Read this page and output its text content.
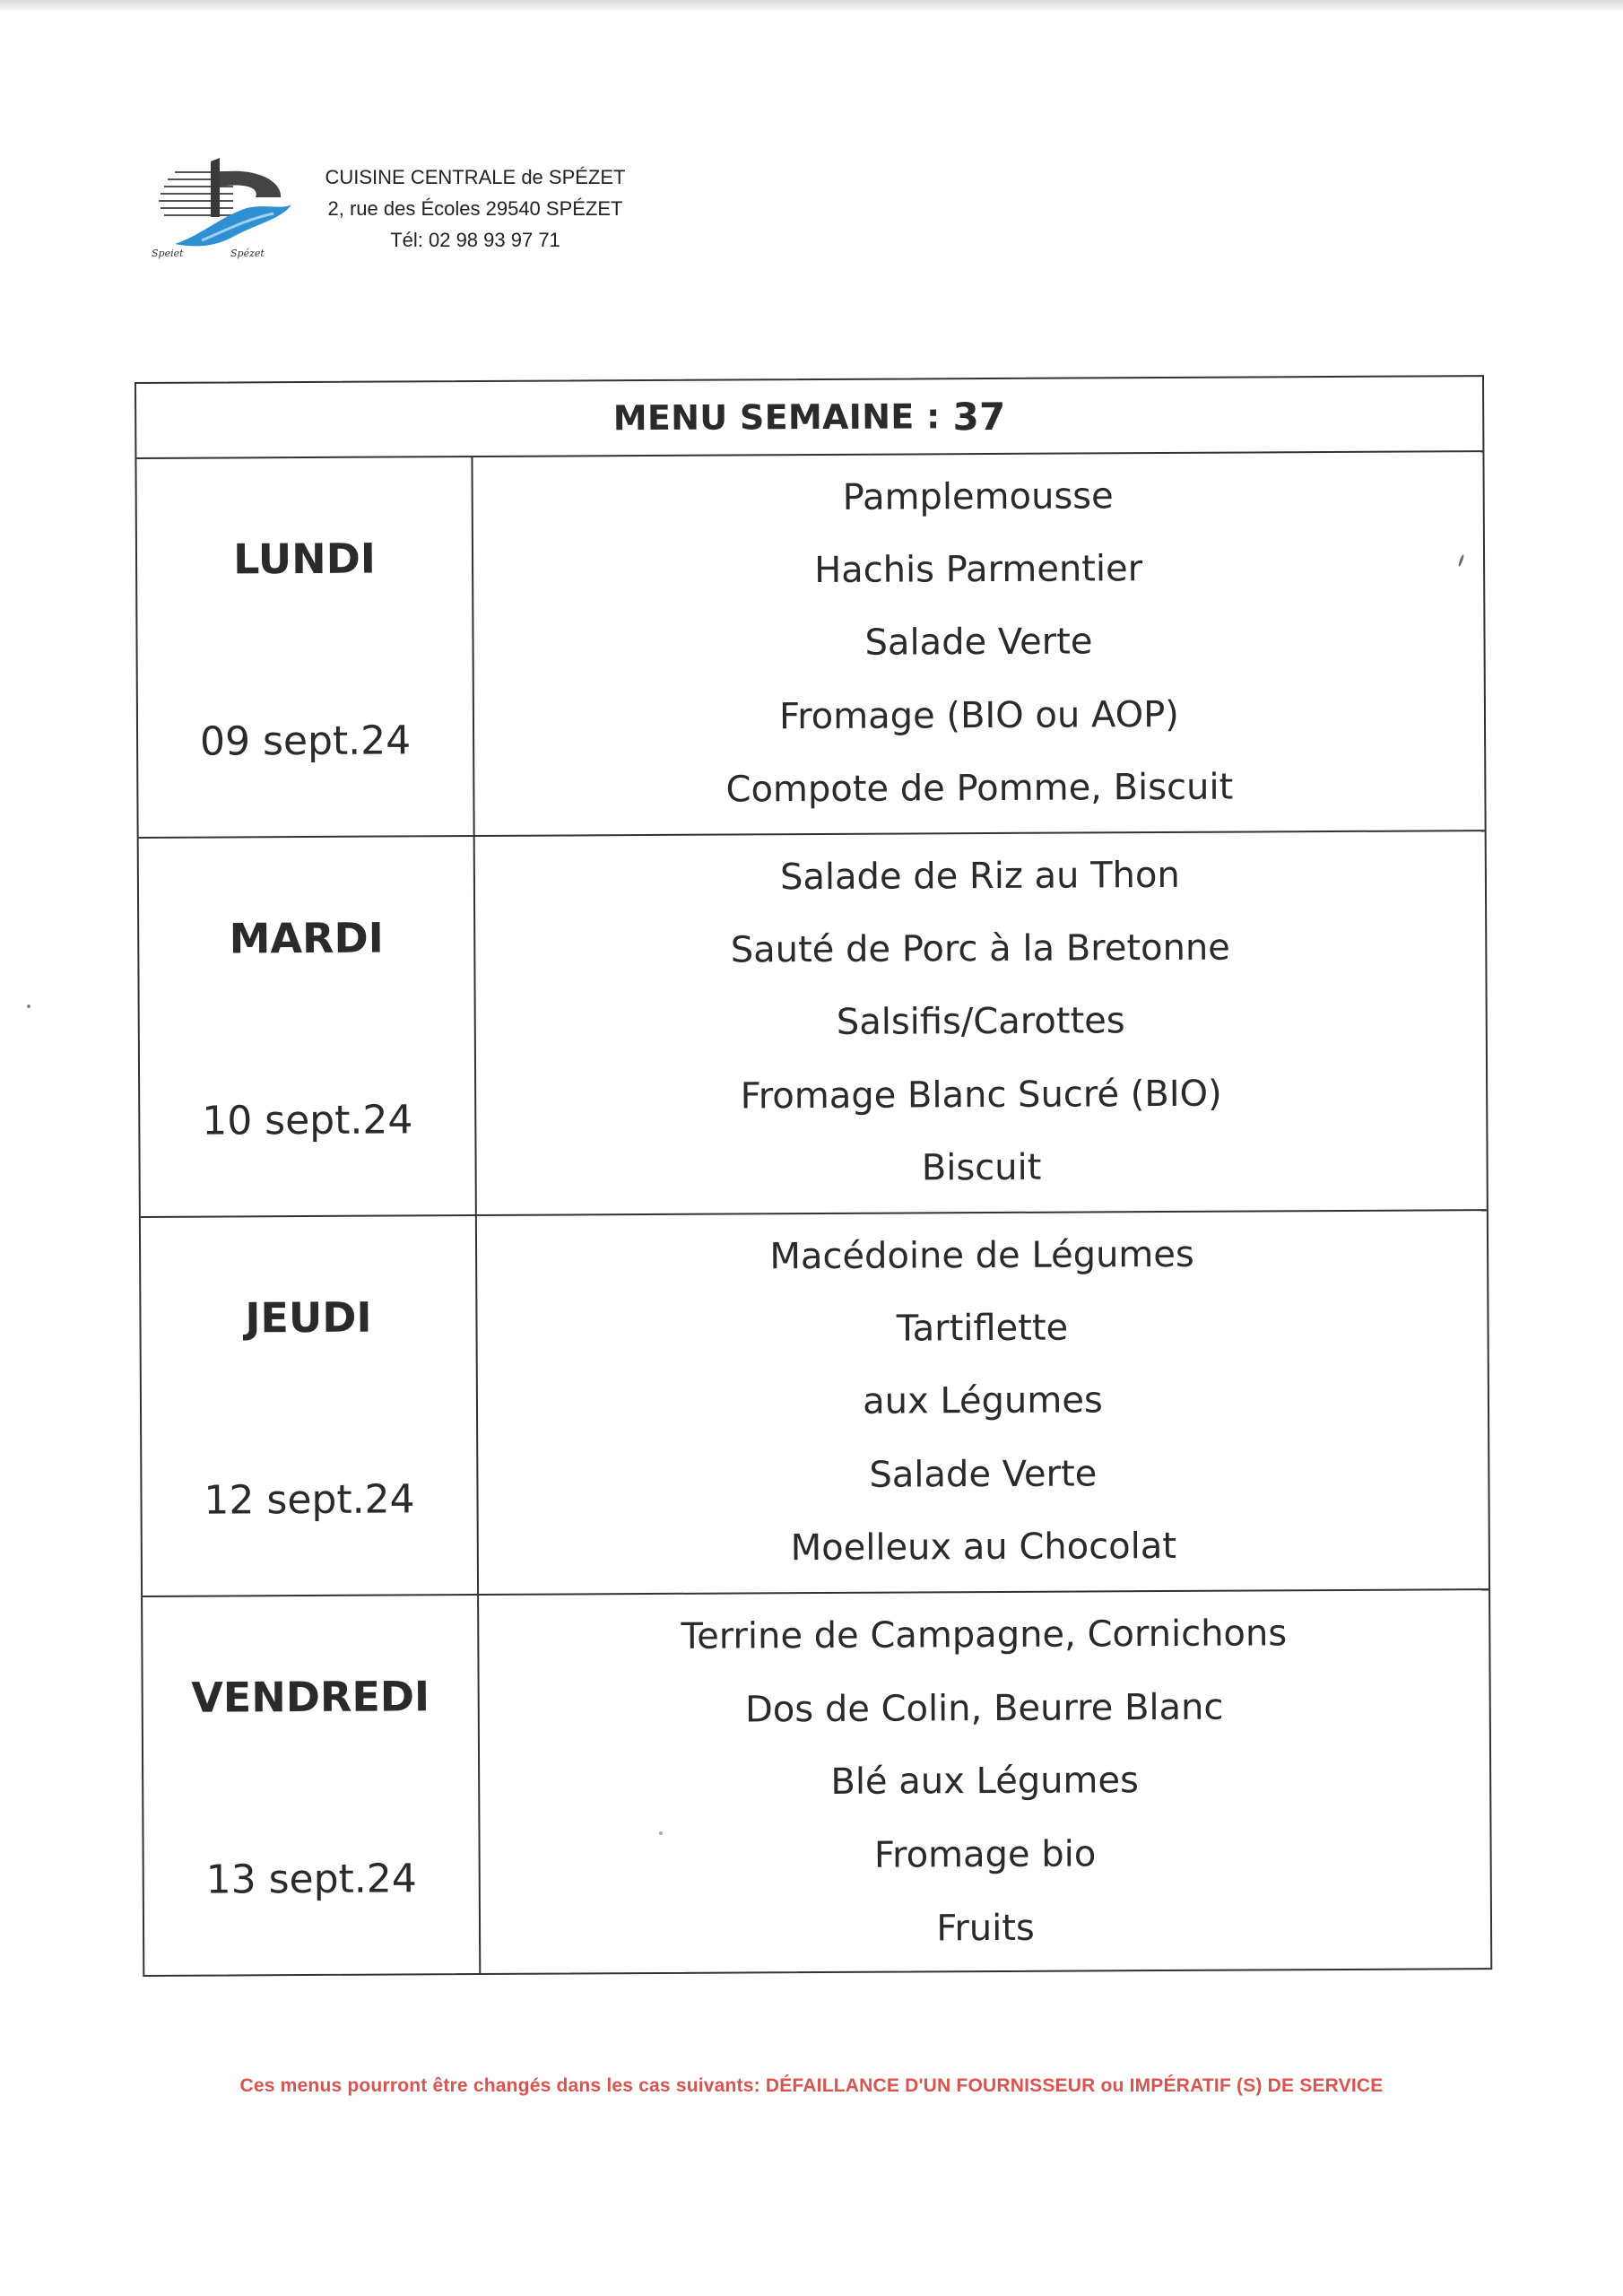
Speiet	Spézet
CUISINE CENTRALE de SPÉZET
2, rue des Écoles 29540 SPÉZET
Tél: 02 98 93 97 71
MENU SEMAINE : 37
LUNDI
09 sept.24
Pamplemousse
Hachis Parmentier
Salade Verte
Fromage (BIO ou AOP)
Compote de Pomme, Biscuit
MARDI
10 sept.24
Salade de Riz au Thon
Sauté de Porc à la Bretonne
Salsifis/Carottes
Fromage Blanc Sucré (BIO)
Biscuit
JEUDI
12 sept.24
Macédoine de Légumes
Tartiflette
aux Légumes
Salade Verte
Moelleux au Chocolat
VENDREDI
13 sept.24
Terrine de Campagne, Cornichons
Dos de Colin, Beurre Blanc
Blé aux Légumes
Fromage bio
Fruits
Ces menus pourront être changés dans les cas suivants: DÉFAILLANCE D'UN FOURNISSEUR ou IMPÉRATIF (S) DE SERVICE
